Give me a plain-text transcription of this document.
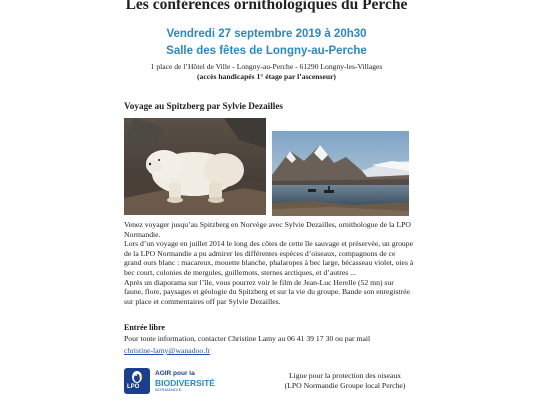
Les conférences ornithologiques du Perche
Vendredi 27 septembre 2019 à 20h30
Salle des fêtes de Longny-au-Perche
1 place de l’Hôtel de Ville - Longny-au-Perche - 61290 Longny-les-Villages
(accès handicapés 1° étage par l’ascenseur)
Voyage au Spitzberg par Sylvie Dezailles

Venez voyager jusqu’au Spitzberg en Norvège avec Sylvie Dezailles, ornithologue de la LPO Normandie.

Lors d’un voyage en juillet 2014 le long des côtes de cette île sauvage et préservée, un groupe de la LPO Normandie a pu admirer les différentes espèces d’oiseaux, compagnons de ce grand ours blanc : macareux, mouette blanche, phalaropes à bec large, bécasseau violet, oies à bec court, colonies de mergules, guillemots, sternes arctiques, et d’autres ...

Après un diaporama sur l’île, vous pourrez voir le film de Jean-Luc Herelle (52 mn) sur faune, flore, paysages et géologie du Spitzberg et sur la vie du groupe. Bande son enregistrée sur place et commentaires off par Sylvie Dezailles.

Entrée libre
Pour toute information, contacter Christine Lamy au 06 41 39 17 30 ou par mail
christine-lamy@wanadoo.fr
LPO
AGIR pour la
BIODIVERSITÉ
NORMANDIE
Ligue pour la protection des oiseaux
(LPO Normandie Groupe local Perche)
